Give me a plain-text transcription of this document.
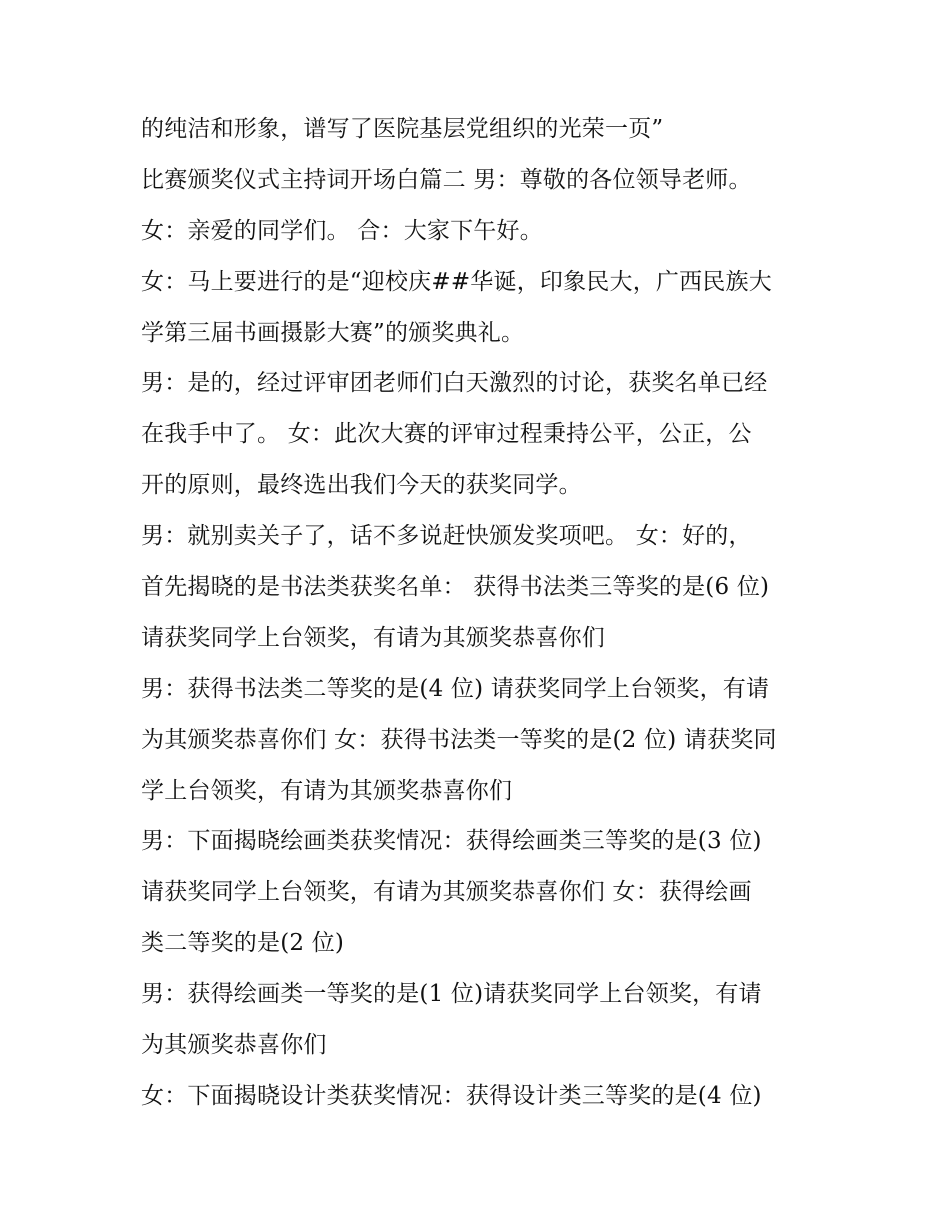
的纯洁和形象，谱写了医院基层党组织的光荣一页”
比赛颁奖仪式主持词开场白篇二 男：尊敬的各位领导老师。
女：亲爱的同学们。 合：大家下午好。
女：马上要进行的是“迎校庆##华诞，印象民大，广西民族大
学第三届书画摄影大赛”的颁奖典礼。
男：是的，经过评审团老师们白天激烈的讨论，获奖名单已经
在我手中了。 女：此次大赛的评审过程秉持公平，公正，公
开的原则，最终选出我们今天的获奖同学。
男：就别卖关子了，话不多说赶快颁发奖项吧。 女：好的，
首先揭晓的是书法类获奖名单： 获得书法类三等奖的是(6 位)
请获奖同学上台领奖，有请为其颁奖恭喜你们
男：获得书法类二等奖的是(4 位) 请获奖同学上台领奖，有请
为其颁奖恭喜你们 女：获得书法类一等奖的是(2 位) 请获奖同
学上台领奖，有请为其颁奖恭喜你们
男：下面揭晓绘画类获奖情况：获得绘画类三等奖的是(3 位)
请获奖同学上台领奖，有请为其颁奖恭喜你们 女：获得绘画
类二等奖的是(2 位)
男：获得绘画类一等奖的是(1 位)请获奖同学上台领奖，有请
为其颁奖恭喜你们
女：下面揭晓设计类获奖情况：获得设计类三等奖的是(4 位)
